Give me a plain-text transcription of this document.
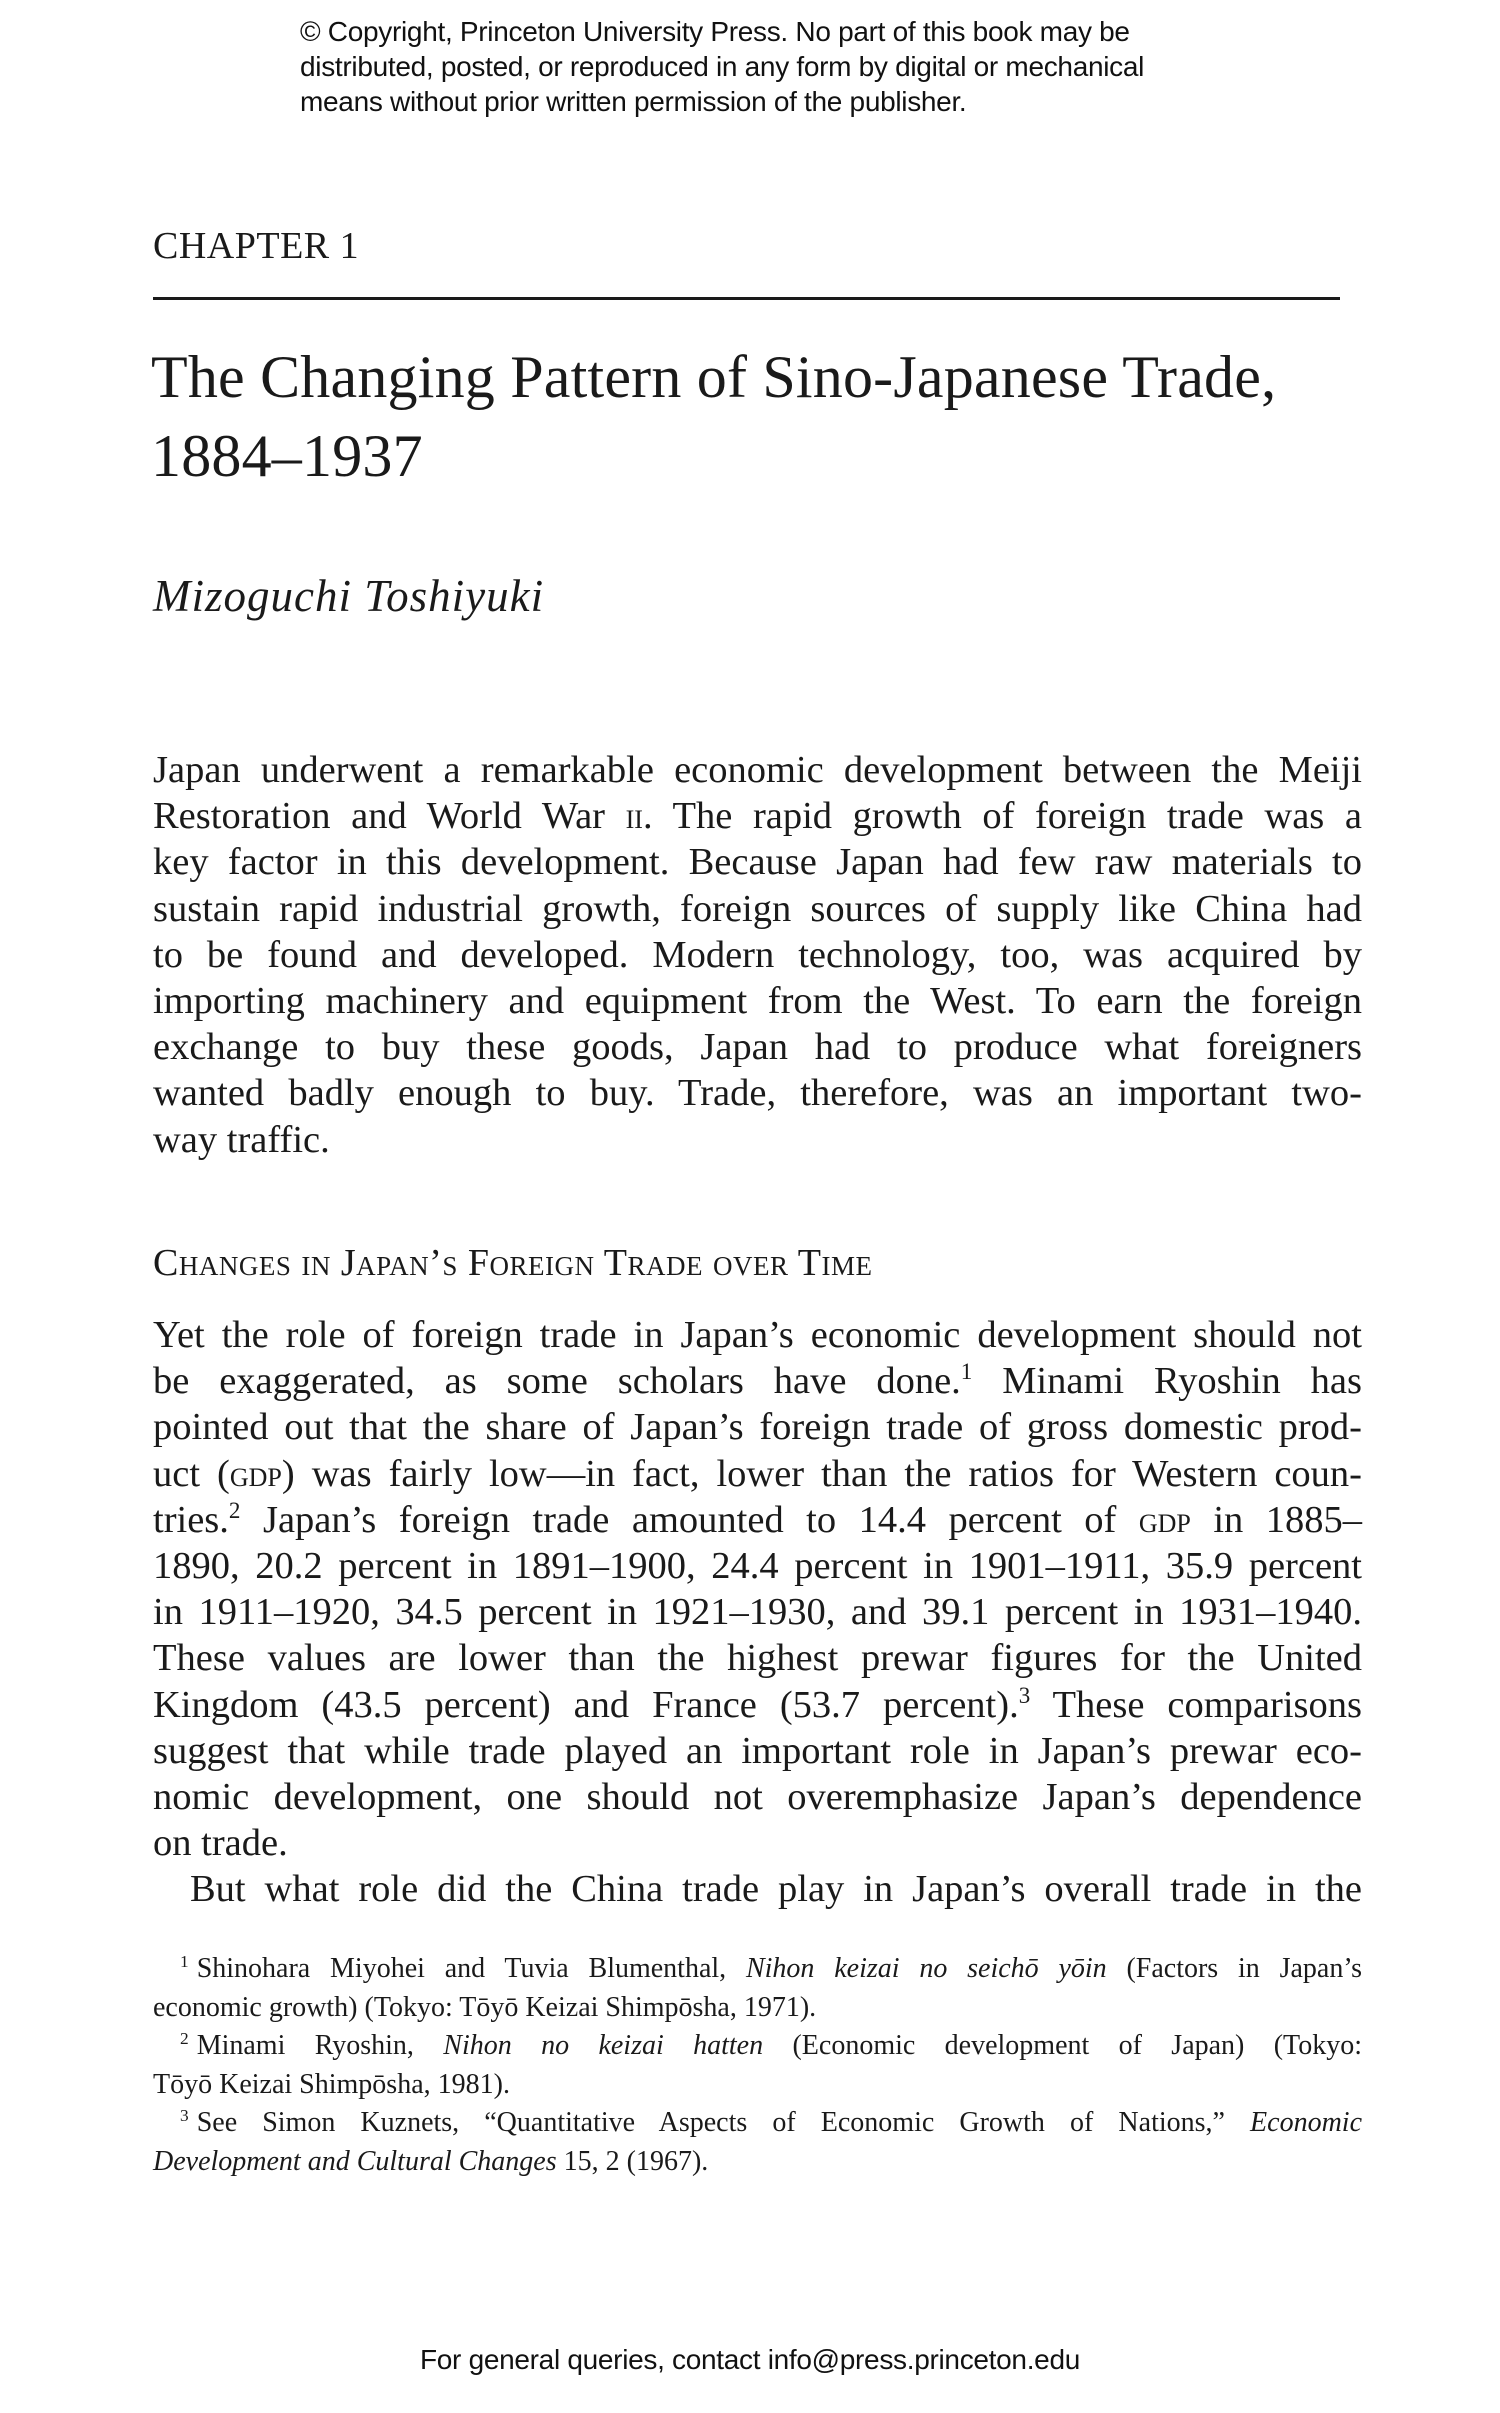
© Copyright, Princeton University Press. No part of this book may be
distributed, posted, or reproduced in any form by digital or mechanical
means without prior written permission of the publisher.
CHAPTER 1
The Changing Pattern of Sino-Japanese Trade,
1884–1937
Mizoguchi Toshiyuki
Japan underwent a remarkable economic development between the Meiji
Restoration and World War ii. The rapid growth of foreign trade was a
key factor in this development. Because Japan had few raw materials to
sustain rapid industrial growth, foreign sources of supply like China had
to be found and developed. Modern technology, too, was acquired by
importing machinery and equipment from the West. To earn the foreign
exchange to buy these goods, Japan had to produce what foreigners
wanted badly enough to buy. Trade, therefore, was an important two-
way traffic.
Changes in Japan’s Foreign Trade over Time
Yet the role of foreign trade in Japan’s economic development should not
be exaggerated, as some scholars have done.$^1$ Minami Ryoshin has
pointed out that the share of Japan’s foreign trade of gross domestic prod-
uct (gdp) was fairly low—in fact, lower than the ratios for Western coun-
tries.$^2$ Japan’s foreign trade amounted to 14.4 percent of gdp in 1885–
1890, 20.2 percent in 1891–1900, 24.4 percent in 1901–1911, 35.9 percent
in 1911–1920, 34.5 percent in 1921–1930, and 39.1 percent in 1931–1940.
These values are lower than the highest prewar figures for the United
Kingdom (43.5 percent) and France (53.7 percent).$^3$ These comparisons
suggest that while trade played an important role in Japan’s prewar eco-
nomic development, one should not overemphasize Japan’s dependence
on trade.
But what role did the China trade play in Japan’s overall trade in the
$^1$ Shinohara Miyohei and Tuvia Blumenthal, Nihon keizai no seichō yōin (Factors in Japan’s
economic growth) (Tokyo: Tōyō Keizai Shimpōsha, 1971).
$^2$ Minami Ryoshin, Nihon no keizai hatten (Economic development of Japan) (Tokyo:
Tōyō Keizai Shimpōsha, 1981).
$^3$ See Simon Kuznets, “Quantitative Aspects of Economic Growth of Nations,” Economic
Development and Cultural Changes 15, 2 (1967).
For general queries, contact info@press.princeton.edu
